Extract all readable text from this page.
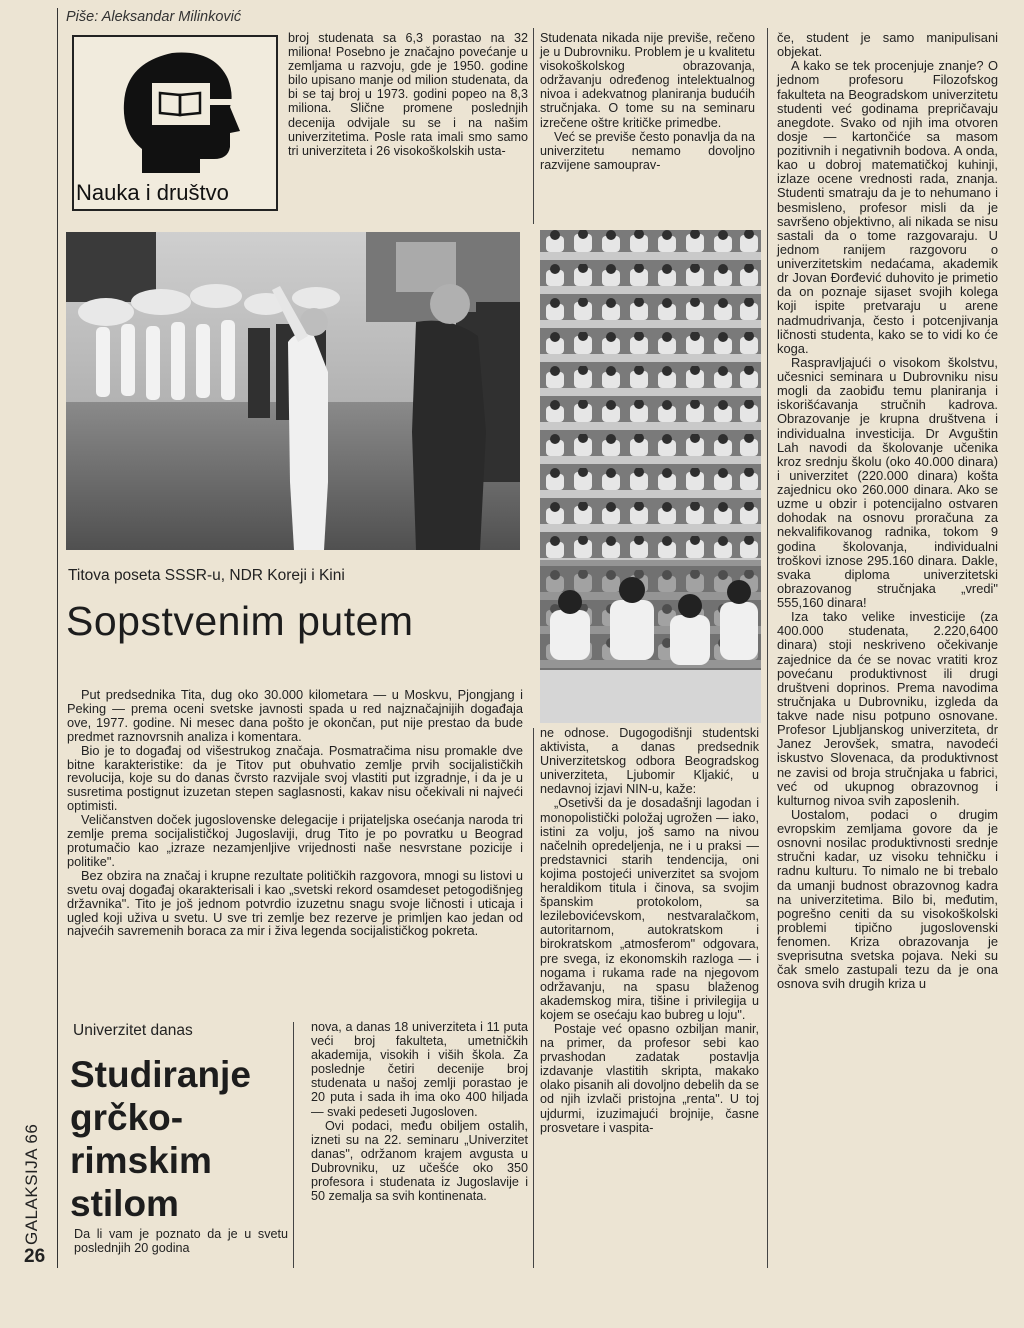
GALAKSIJA 66
26
Piše: Aleksandar Milinković
Nauka i društvo
Titova poseta SSSR-u, NDR Koreji i Kini
Sopstvenim putem

Put predsednika Tita, dug oko 30.000 kilometara — u Moskvu, Pjongjang i Peking — prema oceni svetske javnosti spada u red najznačajnijih događaja ove, 1977. godine. Ni mesec dana pošto je okončan, put nije prestao da bude predmet raznovrsnih analiza i komentara.

Bio je to događaj od višestrukog značaja. Posmatračima nisu promakle dve bitne karakteristike: da je Titov put obuhvatio zemlje prvih socijalističkih revolucija, koje su do danas čvrsto razvijale svoj vlastiti put izgradnje, i da je u susretima postignut izuzetan stepen saglasnosti, kakav nisu očekivali ni najveći optimisti.

Veličanstven doček jugoslovenske delegacije i prijateljska osećanja naroda tri zemlje prema socijalističkoj Jugoslaviji, drug Tito je po povratku u Beograd protumačio kao „izraze nezamjenljive vrijednosti naše nesvrstane pozicije i politike".

Bez obzira na značaj i krupne rezultate političkih razgovora, mnogi su listovi u svetu ovaj događaj okarakterisali i kao „svetski rekord osamdeset petogodišnjeg državnika". Tito je još jednom potvrdio izuzetnu snagu svoje ličnosti i uticaja i ugled koji uživa u svetu. U sve tri zemlje bez rezerve je primljen kao jedan od najvećih savremenih boraca za mir i živa legenda socijalističkog pokreta.

Univerzitet danas
Studiranje grčko-rimskim stilom

Da li vam je poznato da je u svetu poslednjih 20 godina

broj studenata sa 6,3 porastao na 32 miliona! Posebno je značajno povećanje u zemljama u razvoju, gde je 1950. godine bilo upisano manje od milion studenata, da bi se taj broj u 1973. godini popeo na 8,3 miliona. Slične promene poslednjih decenija odvijale su se i na našim univerzitetima. Posle rata imali smo samo tri univerziteta i 26 visokoškolskih usta-

nova, a danas 18 univerziteta i 11 puta veći broj fakulteta, umetničkih akademija, visokih i viših škola. Za poslednje četiri decenije broj studenata u našoj zemlji porastao je 20 puta i sada ih ima oko 400 hiljada — svaki pedeseti Jugosloven.

Ovi podaci, među obiljem ostalih, izneti su na 22. seminaru „Univerzitet danas", održanom krajem avgusta u Dubrovniku, uz učešće oko 350 profesora i studenata iz Jugoslavije i 50 zemalja sa svih kontinenata.

Studenata nikada nije previše, rečeno je u Dubrovniku. Problem je u kvalitetu visokoškolskog obrazovanja, održavanju određenog intelektualnog nivoa i adekvatnog planiranja budućih stručnjaka. O tome su na seminaru izrečene oštre kritičke primedbe.

Već se previše često ponavlja da na univerzitetu nemamo dovoljno razvijene samouprav-

ne odnose. Dugogodišnji studentski aktivista, a danas predsednik Univerzitetskog odbora Beogradskog univerziteta, Ljubomir Kljakić, u nedavnoj izjavi NIN-u, kaže:

„Osetivši da je dosadašnji lagodan i monopolistički položaj ugrožen — iako, istini za volju, još samo na nivou načelnih opredeljenja, ne i u praksi — predstavnici starih tendencija, oni kojima postojeći univerzitet sa svojom heraldikom titula i činova, sa svojim španskim protokolom, sa lezilebovićevskom, nestvaralačkom, autoritarnom, autokratskom i birokratskom „atmosferom" odgovara, pre svega, iz ekonomskih razloga — i nogama i rukama rade na njegovom održavanju, na spasu blaženog akademskog mira, tišine i privilegija u kojem se osećaju kao bubreg u loju".

Postaje već opasno ozbiljan manir, na primer, da profesor sebi kao prvashodan zadatak postavlja izdavanje vlastitih skripta, makako olako pisanih ali dovoljno debelih da se od njih izvlači pristojna „renta". U toj ujdurmi, izuzimajući brojnije, časne prosvetare i vaspita-

če, student je samo manipulisani objekat.

A kako se tek procenjuje znanje? O jednom profesoru Filozofskog fakulteta na Beogradskom univerzitetu studenti već godinama prepričavaju anegdote. Svako od njih ima otvoren dosje — kartončiće sa masom pozitivnih i negativnih bodova. A onda, kao u dobroj matematičkoj kuhinji, izlaze ocene vrednosti rada, znanja. Studenti smatraju da je to nehumano i besmisleno, profesor misli da je savršeno objektivno, ali nikada se nisu sastali da o tome razgovaraju. U jednom ranijem razgovoru o univerzitetskim nedaćama, akademik dr Jovan Đorđević duhovito je primetio da on poznaje sijaset svojih kolega koji ispite pretvaraju u arene nadmudrivanja, često i potcenjivanja ličnosti studenta, kako se to vidi ko će koga.

Raspravljajući o visokom školstvu, učesnici seminara u Dubrovniku nisu mogli da zaobiđu temu planiranja i iskorišćavanja stručnih kadrova. Obrazovanje je krupna društvena i individualna investicija. Dr Avguštin Lah navodi da školovanje učenika kroz srednju školu (oko 40.000 dinara) i univerzitet (220.000 dinara) košta zajednicu oko 260.000 dinara. Ako se uzme u obzir i potencijalno ostvaren dohodak na osnovu proračuna za nekvalifikovanog radnika, tokom 9 godina školovanja, individualni troškovi iznose 295.160 dinara. Dakle, svaka diploma univerzitetski obrazovanog stručnjaka „vredi" 555,160 dinara!

Iza tako velike investicije (za 400.000 studenata, 2.220,6400 dinara) stoji neskriveno očekivanje zajednice da će se novac vratiti kroz povećanu produktivnost ili drugi društveni doprinos. Prema navodima stručnjaka u Dubrovniku, izgleda da takve nade nisu potpuno osnovane. Profesor Ljubljanskog univerziteta, dr Janez Jerovšek, smatra, navodeći iskustvo Slovenaca, da produktivnost ne zavisi od broja stručnjaka u fabrici, već od ukupnog obrazovnog i kulturnog nivoa svih zaposlenih.

Uostalom, podaci o drugim evropskim zemljama govore da je osnovni nosilac produktivnosti srednje stručni kadar, uz visoku tehničku i radnu kulturu. To nimalo ne bi trebalo da umanji budnost obrazovnog kadra na univerzitetima. Bilo bi, međutim, pogrešno ceniti da su visokoškolski problemi tipično jugoslovenski fenomen. Kriza obrazovanja je sveprisutna svetska pojava. Neki su čak smelo zastupali tezu da je ona osnova svih drugih kriza u
